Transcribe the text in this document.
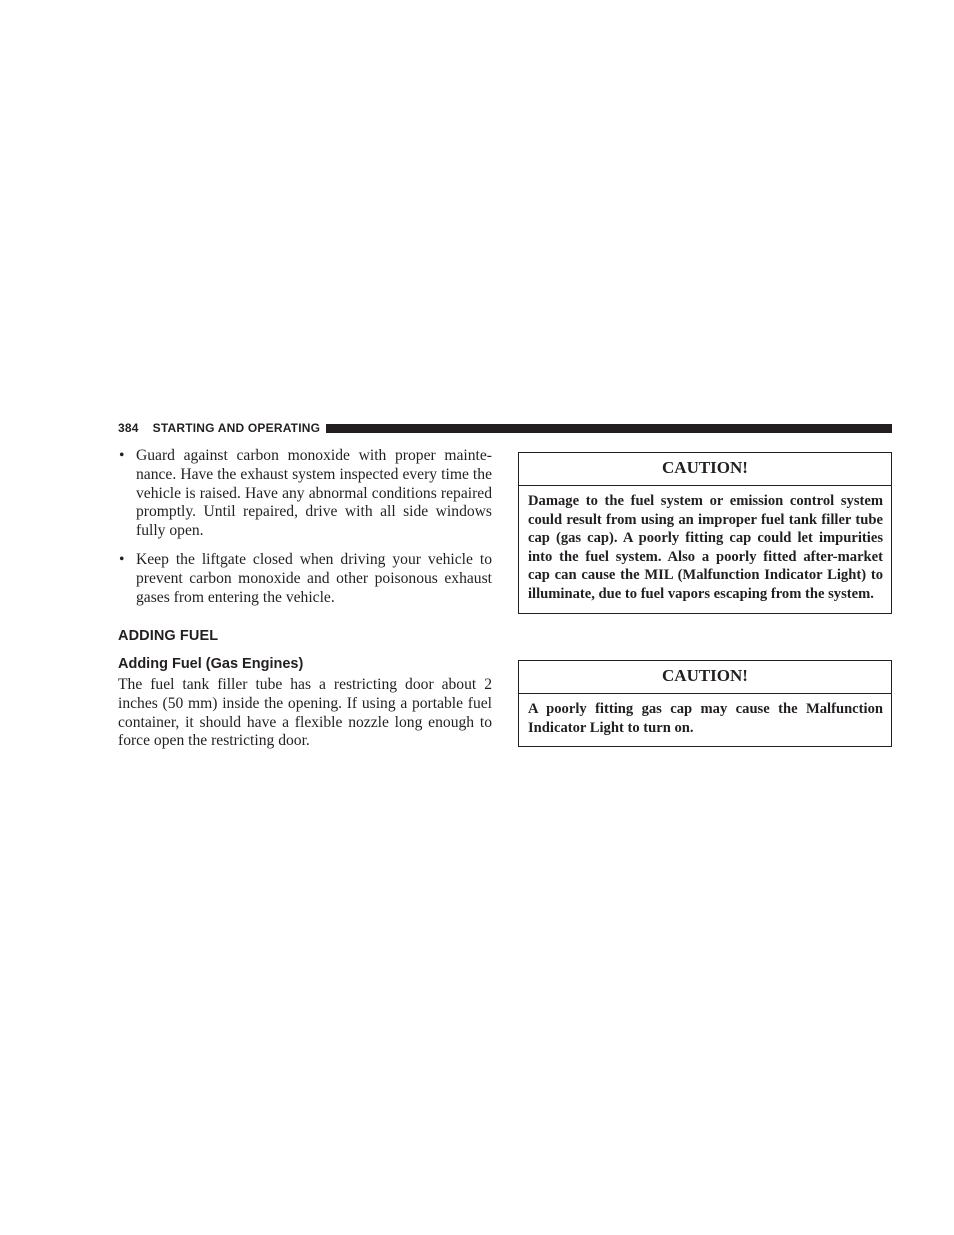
384 STARTING AND OPERATING
• Guard against carbon monoxide with proper maintenance. Have the exhaust system inspected every time the vehicle is raised. Have any abnormal conditions repaired promptly. Until repaired, drive with all side windows fully open.
• Keep the liftgate closed when driving your vehicle to prevent carbon monoxide and other poisonous exhaust gases from entering the vehicle.
ADDING FUEL
Adding Fuel (Gas Engines)

The fuel tank filler tube has a restricting door about 2 inches (50 mm) inside the opening. If using a portable fuel container, it should have a flexible nozzle long enough to force open the restricting door.

CAUTION!
Damage to the fuel system or emission control system could result from using an improper fuel tank filler tube cap (gas cap). A poorly fitting cap could let impurities into the fuel system. Also a poorly fitted after-market cap can cause the MIL (Malfunction Indicator Light) to illuminate, due to fuel vapors escaping from the system.
CAUTION!
A poorly fitting gas cap may cause the Malfunction Indicator Light to turn on.
